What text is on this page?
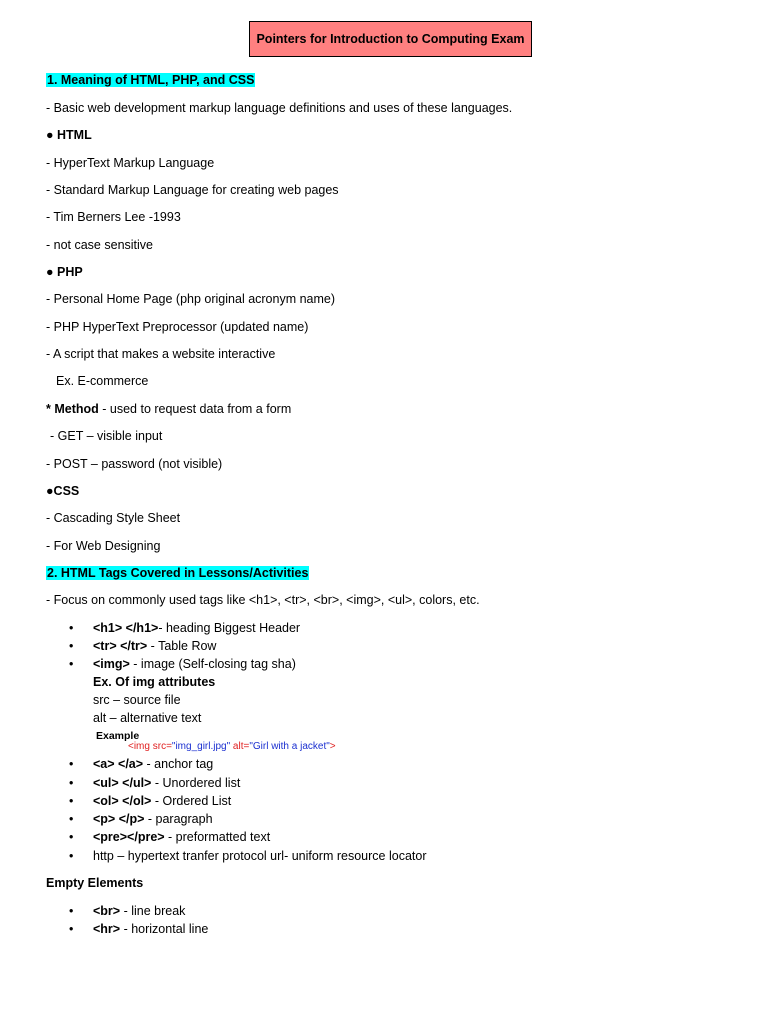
Pointers for Introduction to Computing Exam
1. Meaning of HTML, PHP, and CSS
- Basic web development markup language definitions and uses of these languages.
● HTML
- HyperText Markup Language
- Standard Markup Language for creating web pages
- Tim Berners Lee -1993
- not case sensitive
● PHP
- Personal Home Page (php original acronym name)
- PHP HyperText Preprocessor (updated name)
- A script that makes a website interactive
Ex. E-commerce
* Method - used to request data from a form
- GET – visible input
- POST – password (not visible)
●CSS
- Cascading Style Sheet
- For Web Designing
2. HTML Tags Covered in Lessons/Activities
- Focus on commonly used tags like <h1>, <tr>, <br>, <img>, <ul>, colors, etc.
• <h1> </h1>- heading Biggest Header
• <tr> </tr> - Table Row
• <img> - image (Self-closing tag sha)
Ex. Of img attributes
src – source file
alt – alternative text
Example
<img src="img_girl.jpg" alt="Girl with a jacket">
• <a> </a> - anchor tag
• <ul> </ul> - Unordered list
• <ol> </ol> - Ordered List
• <p> </p> - paragraph
• <pre></pre> - preformatted text
• http – hypertext tranfer protocol url- uniform resource locator
Empty Elements
• <br> - line break
• <hr> - horizontal line
